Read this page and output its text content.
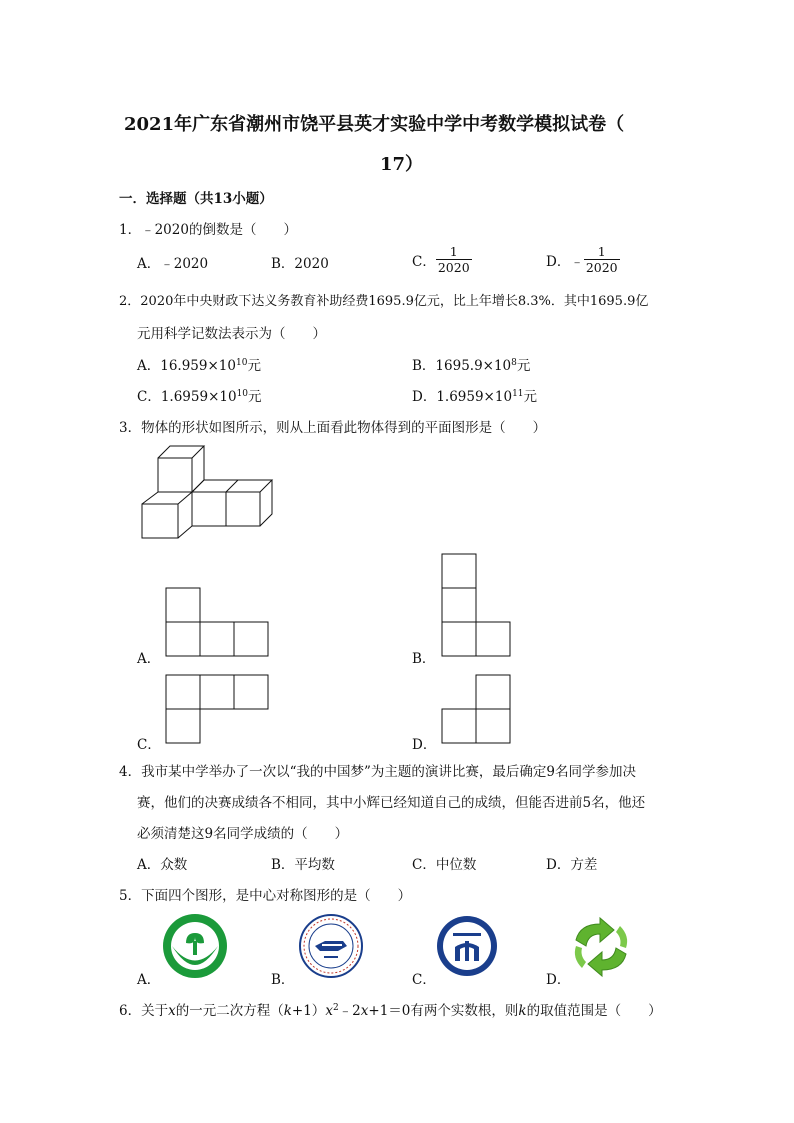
2021年广东省潮州市饶平县英才实验中学中考数学模拟试卷（
17）
一．选择题（共13小题）
1．﹣2020的倒数是（　　）
A．﹣2020	B．2020	C． $\frac{1}{2020}$	D．﹣ $\frac{1}{2020}$
2．2020年中央财政下达义务教育补助经费1695.9亿元，比上年增长8.3%．其中1695.9亿
元用科学记数法表示为（　　）
A．$16.959\times 10^{10}$元	B．$1695.9\times 10^8$元
C．$1.6959\times 10^{10}$元	D．$1.6959\times 10^{11}$元
3．物体的形状如图所示，则从上面看此物体得到的平面图形是（　　）
A．	B．
C．	D．
4．我市某中学举办了一次以“我的中国梦”为主题的演讲比赛，最后确定9名同学参加决
赛，他们的决赛成绩各不相同，其中小辉已经知道自己的成绩，但能否进前5名，他还
必须清楚这9名同学成绩的（　　）
A．众数	B．平均数	C．中位数	D．方差
5．下面四个图形，是中心对称图形的是（　　）
A．	B．	C．	D．
6．关于x的一元二次方程$(k+1)x^2﹣2x+1=0$有两个实数根，则k的取值范围是（　　）
